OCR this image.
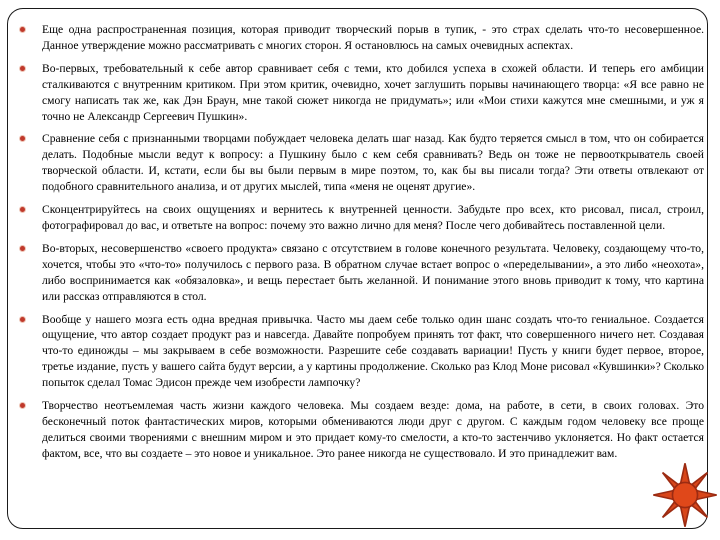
Еще одна распространенная позиция, которая приводит творческий порыв в тупик, - это страх сделать что-то несовершенное. Данное утверждение можно рассматривать с многих сторон. Я остановлюсь на самых очевидных аспектах.
Во-первых, требовательный к себе автор сравнивает себя с теми, кто добился успеха в схожей области. И теперь его амбиции сталкиваются с внутренним критиком. При этом критик, очевидно, хочет заглушить порывы начинающего творца: «Я все равно не смогу написать так же, как Дэн Браун, мне такой сюжет никогда не придумать»; или «Мои стихи кажутся мне смешными, и уж я точно не Александр Сергеевич Пушкин».
Сравнение себя с признанными творцами побуждает человека делать шаг назад. Как будто теряется смысл в том, что он собирается делать. Подобные мысли ведут к вопросу: а Пушкину было с кем себя сравнивать? Ведь он тоже не первооткрыватель своей творческой области. И, кстати, если бы вы были первым в мире поэтом, то, как бы вы писали тогда? Эти ответы отвлекают от подобного сравнительного анализа, и от других мыслей, типа «меня не оценят другие».
Сконцентрируйтесь на своих ощущениях и вернитесь к внутренней ценности. Забудьте про всех, кто рисовал, писал, строил, фотографировал до вас, и ответьте на вопрос: почему это важно лично для меня? После чего добивайтесь поставленной цели.
Во-вторых, несовершенство «своего продукта» связано с отсутствием в голове конечного результата. Человеку, создающему что-то, хочется, чтобы это «что-то» получилось с первого раза. В обратном случае встает вопрос о «переделывании», а это либо «неохота», либо воспринимается как «обязаловка», и вещь перестает быть желанной. И понимание этого вновь приводит к тому, что картина или рассказ отправляются в стол.
Вообще у нашего мозга есть одна вредная привычка. Часто мы даем себе только один шанс создать что-то гениальное. Создается ощущение, что автор создает продукт раз и навсегда. Давайте попробуем принять тот факт, что совершенного ничего нет. Создавая что-то единожды – мы закрываем в себе возможности. Разрешите себе создавать вариации! Пусть у книги будет первое, второе, третье издание, пусть у вашего сайта будут версии, а у картины продолжение. Сколько раз Клод Моне рисовал «Кувшинки»? Сколько попыток сделал Томас Эдисон прежде чем изобрести лампочку?
Творчество неотъемлемая часть жизни каждого человека. Мы создаем везде: дома, на работе, в сети, в своих головах. Это бесконечный поток фантастических миров, которыми обмениваются люди друг с другом. С каждым годом человеку все проще делиться своими творениями с внешним миром и это придает кому-то смелости, а кто-то застенчиво уклоняется. Но факт остается фактом, все, что вы создаете – это новое и уникальное. Это ранее никогда не существовало. И это принадлежит вам.
